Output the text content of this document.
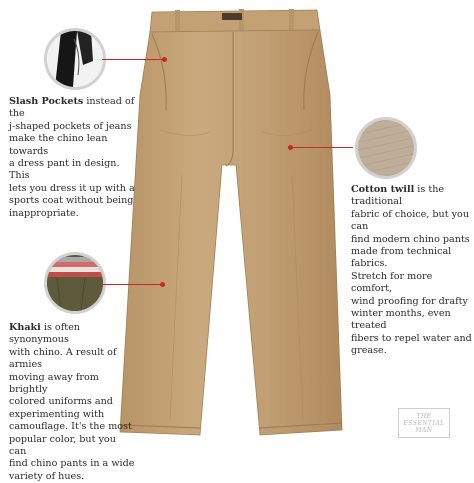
Slash Pockets instead of the
j-shaped pockets of jeans
make the chino lean towards
a dress pant in design. This
lets you dress it up with a
sports coat without being
inappropriate.

Cotton twill is the traditional
fabric of choice, but you can
find modern chino pants
made from technical fabrics.
Stretch for more comfort,
wind proofing for drafty
winter months, even treated
fibers to repel water and
grease.

Khaki is often synonymous
with chino. A result of armies
moving away from brightly
colored uniforms and
experimenting with
camouflage. It's the most
popular color, but you can
find chino pants in a wide
variety of hues.

THE
ESSENTIAL
MAN
